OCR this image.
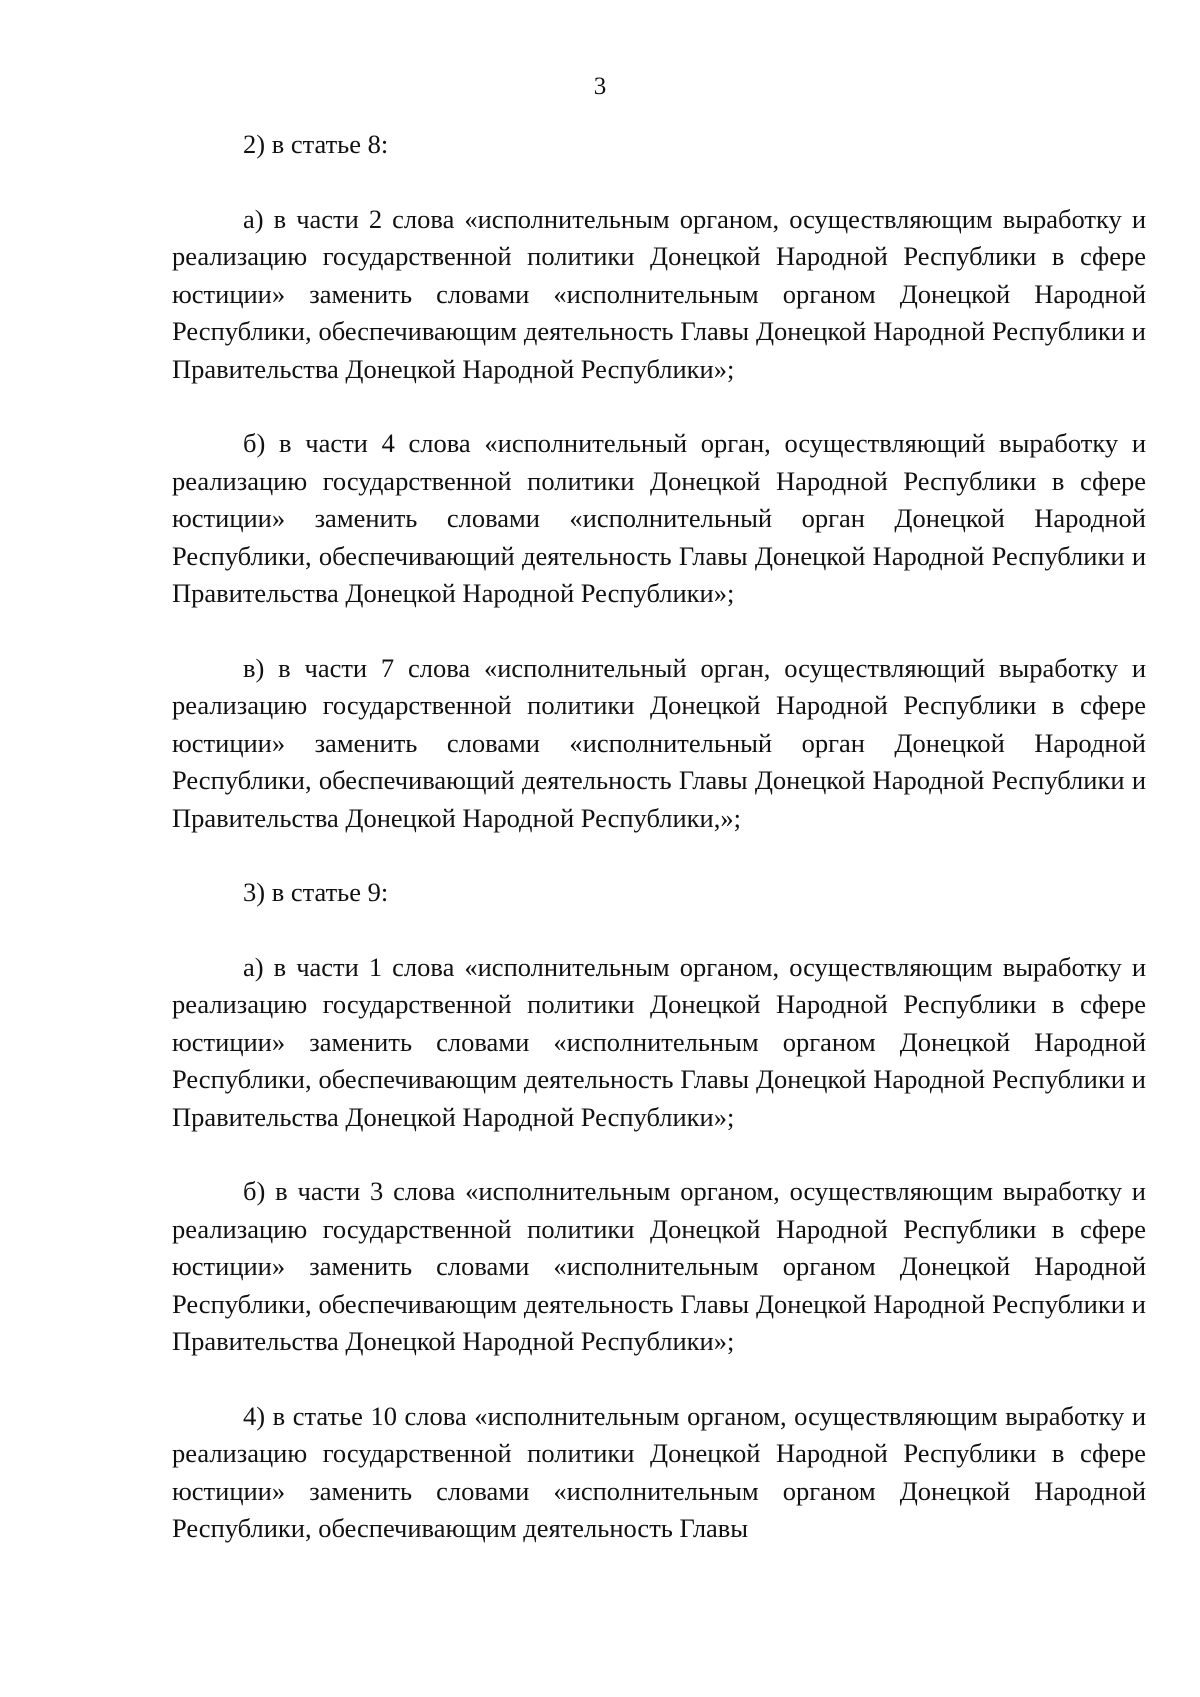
3

2) в статье 8:

а) в части 2 слова «исполнительным органом, осуществляющим выработку и реализацию государственной политики Донецкой Народной Республики в сфере юстиции» заменить словами «исполнительным органом Донецкой Народной Республики, обеспечивающим деятельность Главы Донецкой Народной Республики и Правительства Донецкой Народной Республики»;

б) в части 4 слова «исполнительный орган, осуществляющий выработку и реализацию государственной политики Донецкой Народной Республики в сфере юстиции» заменить словами «исполнительный орган Донецкой Народной Республики, обеспечивающий деятельность Главы Донецкой Народной Республики и Правительства Донецкой Народной Республики»;

в) в части 7 слова «исполнительный орган, осуществляющий выработку и реализацию государственной политики Донецкой Народной Республики в сфере юстиции» заменить словами «исполнительный орган Донецкой Народной Республики, обеспечивающий деятельность Главы Донецкой Народной Республики и Правительства Донецкой Народной Республики,»;

3) в статье 9:

а) в части 1 слова «исполнительным органом, осуществляющим выработку и реализацию государственной политики Донецкой Народной Республики в сфере юстиции» заменить словами «исполнительным органом Донецкой Народной Республики, обеспечивающим деятельность Главы Донецкой Народной Республики и Правительства Донецкой Народной Республики»;

б) в части 3 слова «исполнительным органом, осуществляющим выработку и реализацию государственной политики Донецкой Народной Республики в сфере юстиции» заменить словами «исполнительным органом Донецкой Народной Республики, обеспечивающим деятельность Главы Донецкой Народной Республики и Правительства Донецкой Народной Республики»;

4) в статье 10 слова «исполнительным органом, осуществляющим выработку и реализацию государственной политики Донецкой Народной Республики в сфере юстиции» заменить словами «исполнительным органом Донецкой Народной Республики, обеспечивающим деятельность Главы
